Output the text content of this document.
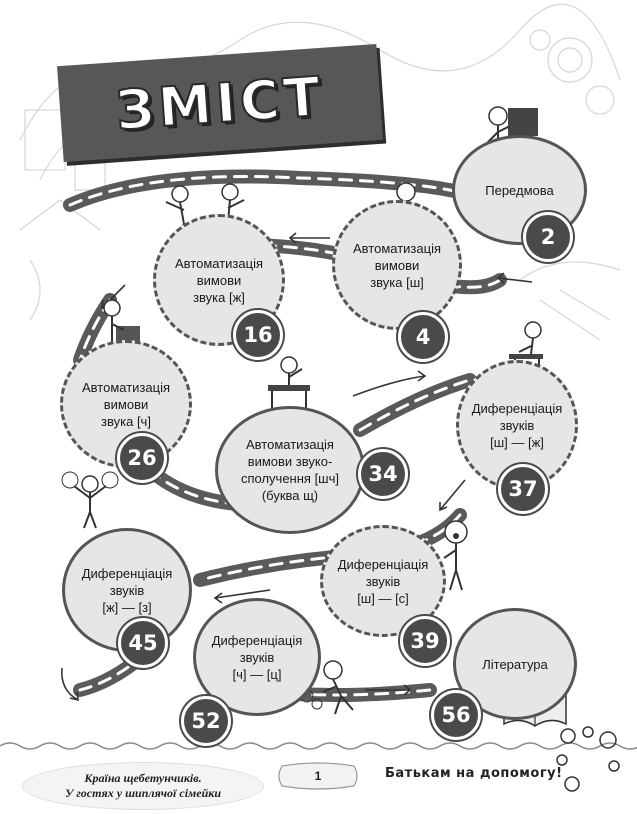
ЗМІСТ
Передмова
2
Автоматизація
вимови
звука [ш]
4
Автоматизація
вимови
звука [ж]
16
Автоматизація
вимови
звука [ч]
26
Автоматизація
вимови звуко-
сполучення [шч]
(буква щ)
34
Диференціація
звуків
[ш] — [ж]
37
Диференціація
звуків
[ж] — [з]
45
Диференціація
звуків
[ш] — [с]
39
Диференціація
звуків
[ч] — [ц]
52
Література
56
Країна щебетунчиків.
У гостях у шиплячої сімейки
1	Батькам на допомогу!
